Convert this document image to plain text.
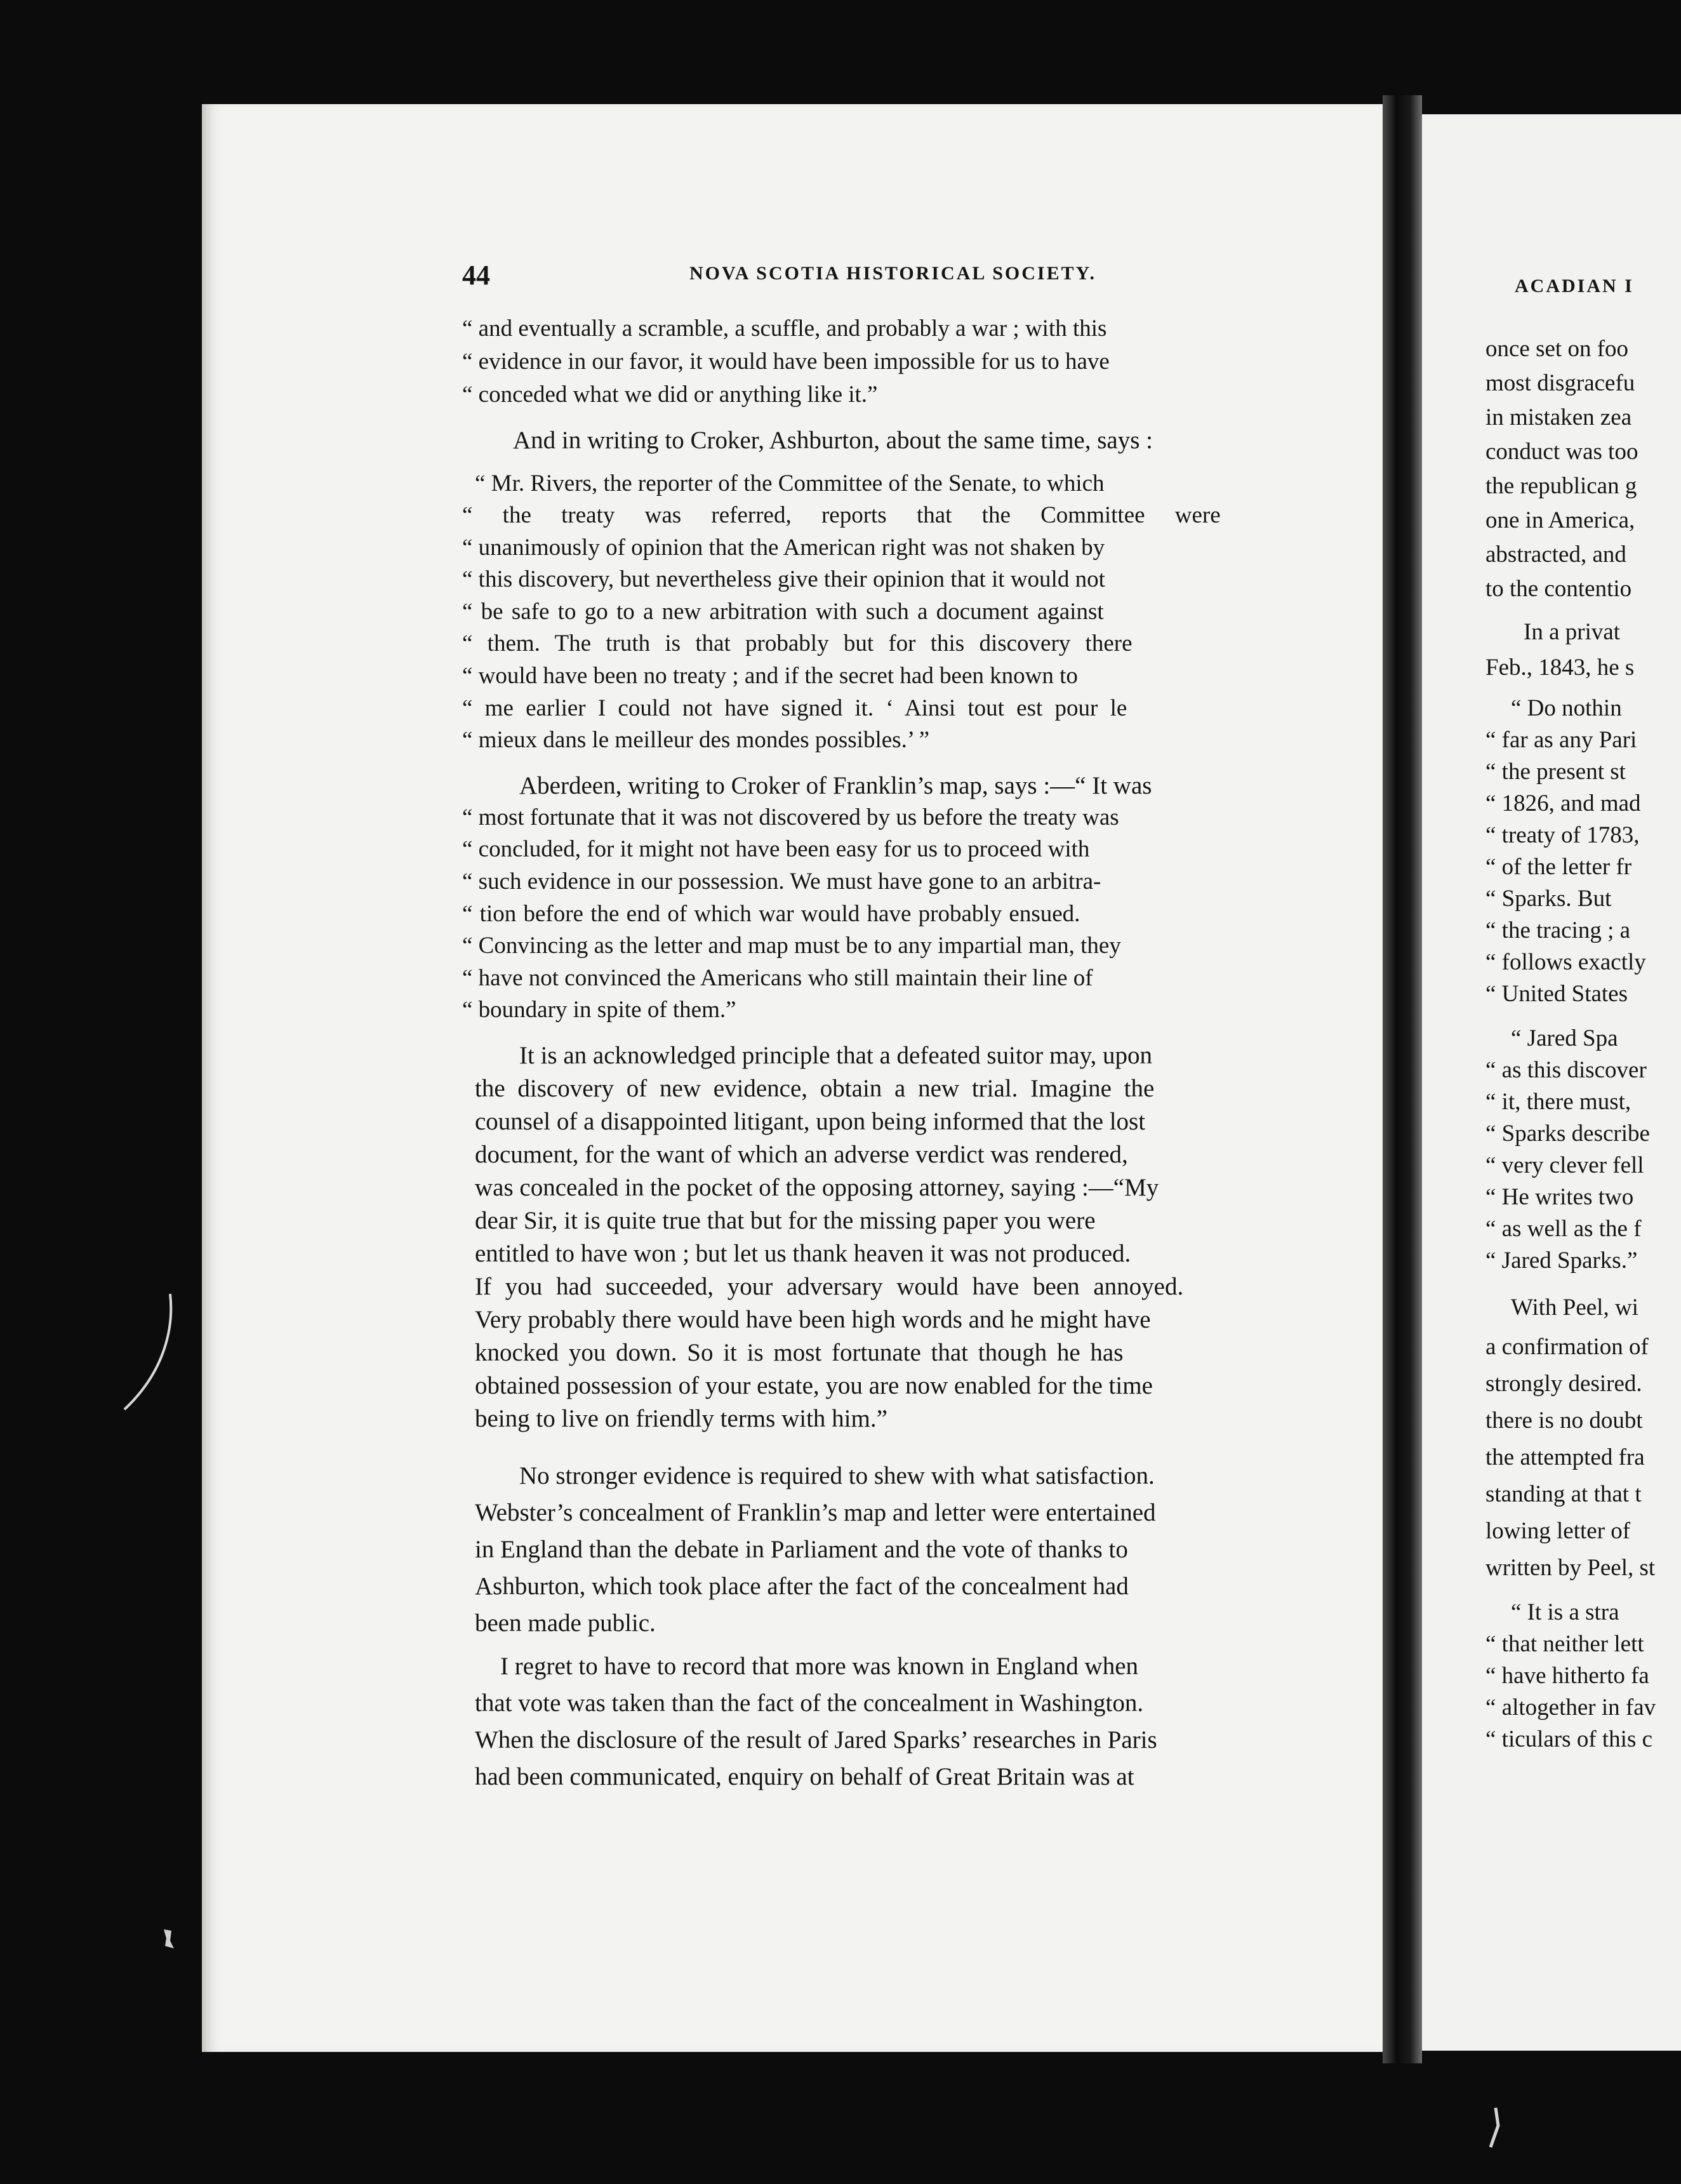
44	NOVA SCOTIA HISTORICAL SOCIETY.
ACADIAN I
“ and eventually a scramble, a scuffle, and probably a war ; with this
“ evidence in our favor, it would have been impossible for us to have
“ conceded what we did or anything like it.”
And in writing to Croker, Ashburton, about the same time, says :
“ Mr. Rivers, the reporter of the Committee of the Senate, to which
“ the treaty was referred, reports that the Committee were
“ unanimously of opinion that the American right was not shaken by
“ this discovery, but nevertheless give their opinion that it would not
“ be safe to go to a new arbitration with such a document against
“ them. The truth is that probably but for this discovery there
“ would have been no treaty ; and if the secret had been known to
“ me earlier I could not have signed it. ‘ Ainsi tout est pour le
“ mieux dans le meilleur des mondes possibles.’ ”
Aberdeen, writing to Croker of Franklin’s map, says :—“ It was
“ most fortunate that it was not discovered by us before the treaty was
“ concluded, for it might not have been easy for us to proceed with
“ such evidence in our possession. We must have gone to an arbitra-
“ tion before the end of which war would have probably ensued.
“ Convincing as the letter and map must be to any impartial man, they
“ have not convinced the Americans who still maintain their line of
“ boundary in spite of them.”
It is an acknowledged principle that a defeated suitor may, upon
the discovery of new evidence, obtain a new trial. Imagine the
counsel of a disappointed litigant, upon being informed that the lost
document, for the want of which an adverse verdict was rendered,
was concealed in the pocket of the opposing attorney, saying :—“My
dear Sir, it is quite true that but for the missing paper you were
entitled to have won ; but let us thank heaven it was not produced.
If you had succeeded, your adversary would have been annoyed.
Very probably there would have been high words and he might have
knocked you down. So it is most fortunate that though he has
obtained possession of your estate, you are now enabled for the time
being to live on friendly terms with him.”
No stronger evidence is required to shew with what satisfaction.
Webster’s concealment of Franklin’s map and letter were entertained
in England than the debate in Parliament and the vote of thanks to
Ashburton, which took place after the fact of the concealment had
been made public.
I regret to have to record that more was known in England when
that vote was taken than the fact of the concealment in Washington.
When the disclosure of the result of Jared Sparks’ researches in Paris
had been communicated, enquiry on behalf of Great Britain was at
once set on foo
most disgracefu
in mistaken zea
conduct was too
the republican g
one in America,
abstracted, and
to the contentio
In a privat
Feb., 1843, he s
“ Do nothin
“ far as any Pari
“ the present st
“ 1826, and mad
“ treaty of 1783,
“ of the letter fr
“ Sparks. But
“ the tracing ; a
“ follows exactly
“ United States
“ Jared Spa
“ as this discover
“ it, there must,
“ Sparks describe
“ very clever fell
“ He writes two
“ as well as the f
“ Jared Sparks.”
With Peel, wi
a confirmation of
strongly desired.
there is no doubt
the attempted fra
standing at that t
lowing letter of
written by Peel, st
“ It is a stra
“ that neither lett
“ have hitherto fa
“ altogether in fav
“ ticulars of this c
